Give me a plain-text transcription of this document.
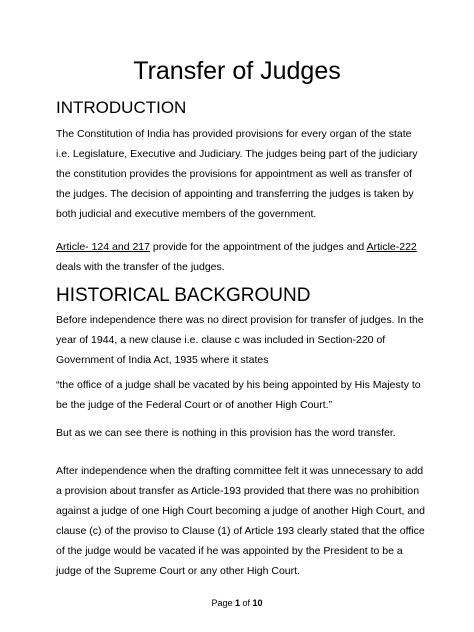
Transfer of Judges
INTRODUCTION

The Constitution of India has provided provisions for every organ of the state i.e. Legislature, Executive and Judiciary. The judges being part of the judiciary the constitution provides the provisions for appointment as well as transfer of the judges. The decision of appointing and transferring the judges is taken by both judicial and executive members of the government.

Article- 124 and 217 provide for the appointment of the judges and Article-222 deals with the transfer of the judges.

HISTORICAL BACKGROUND

Before independence there was no direct provision for transfer of judges. In the year of 1944, a new clause i.e. clause c was included in Section-220 of Government of India Act, 1935 where it states

“the office of a judge shall be vacated by his being appointed by His Majesty to be the judge of the Federal Court or of another High Court.”

But as we can see there is nothing in this provision has the word transfer.

After independence when the drafting committee felt it was unnecessary to add a provision about transfer as Article-193 provided that there was no prohibition against a judge of one High Court becoming a judge of another High Court, and clause (c) of the proviso to Clause (1) of Article 193 clearly stated that the office of the judge would be vacated if he was appointed by the President to be a judge of the Supreme Court or any other High Court.

Page 1 of 10
